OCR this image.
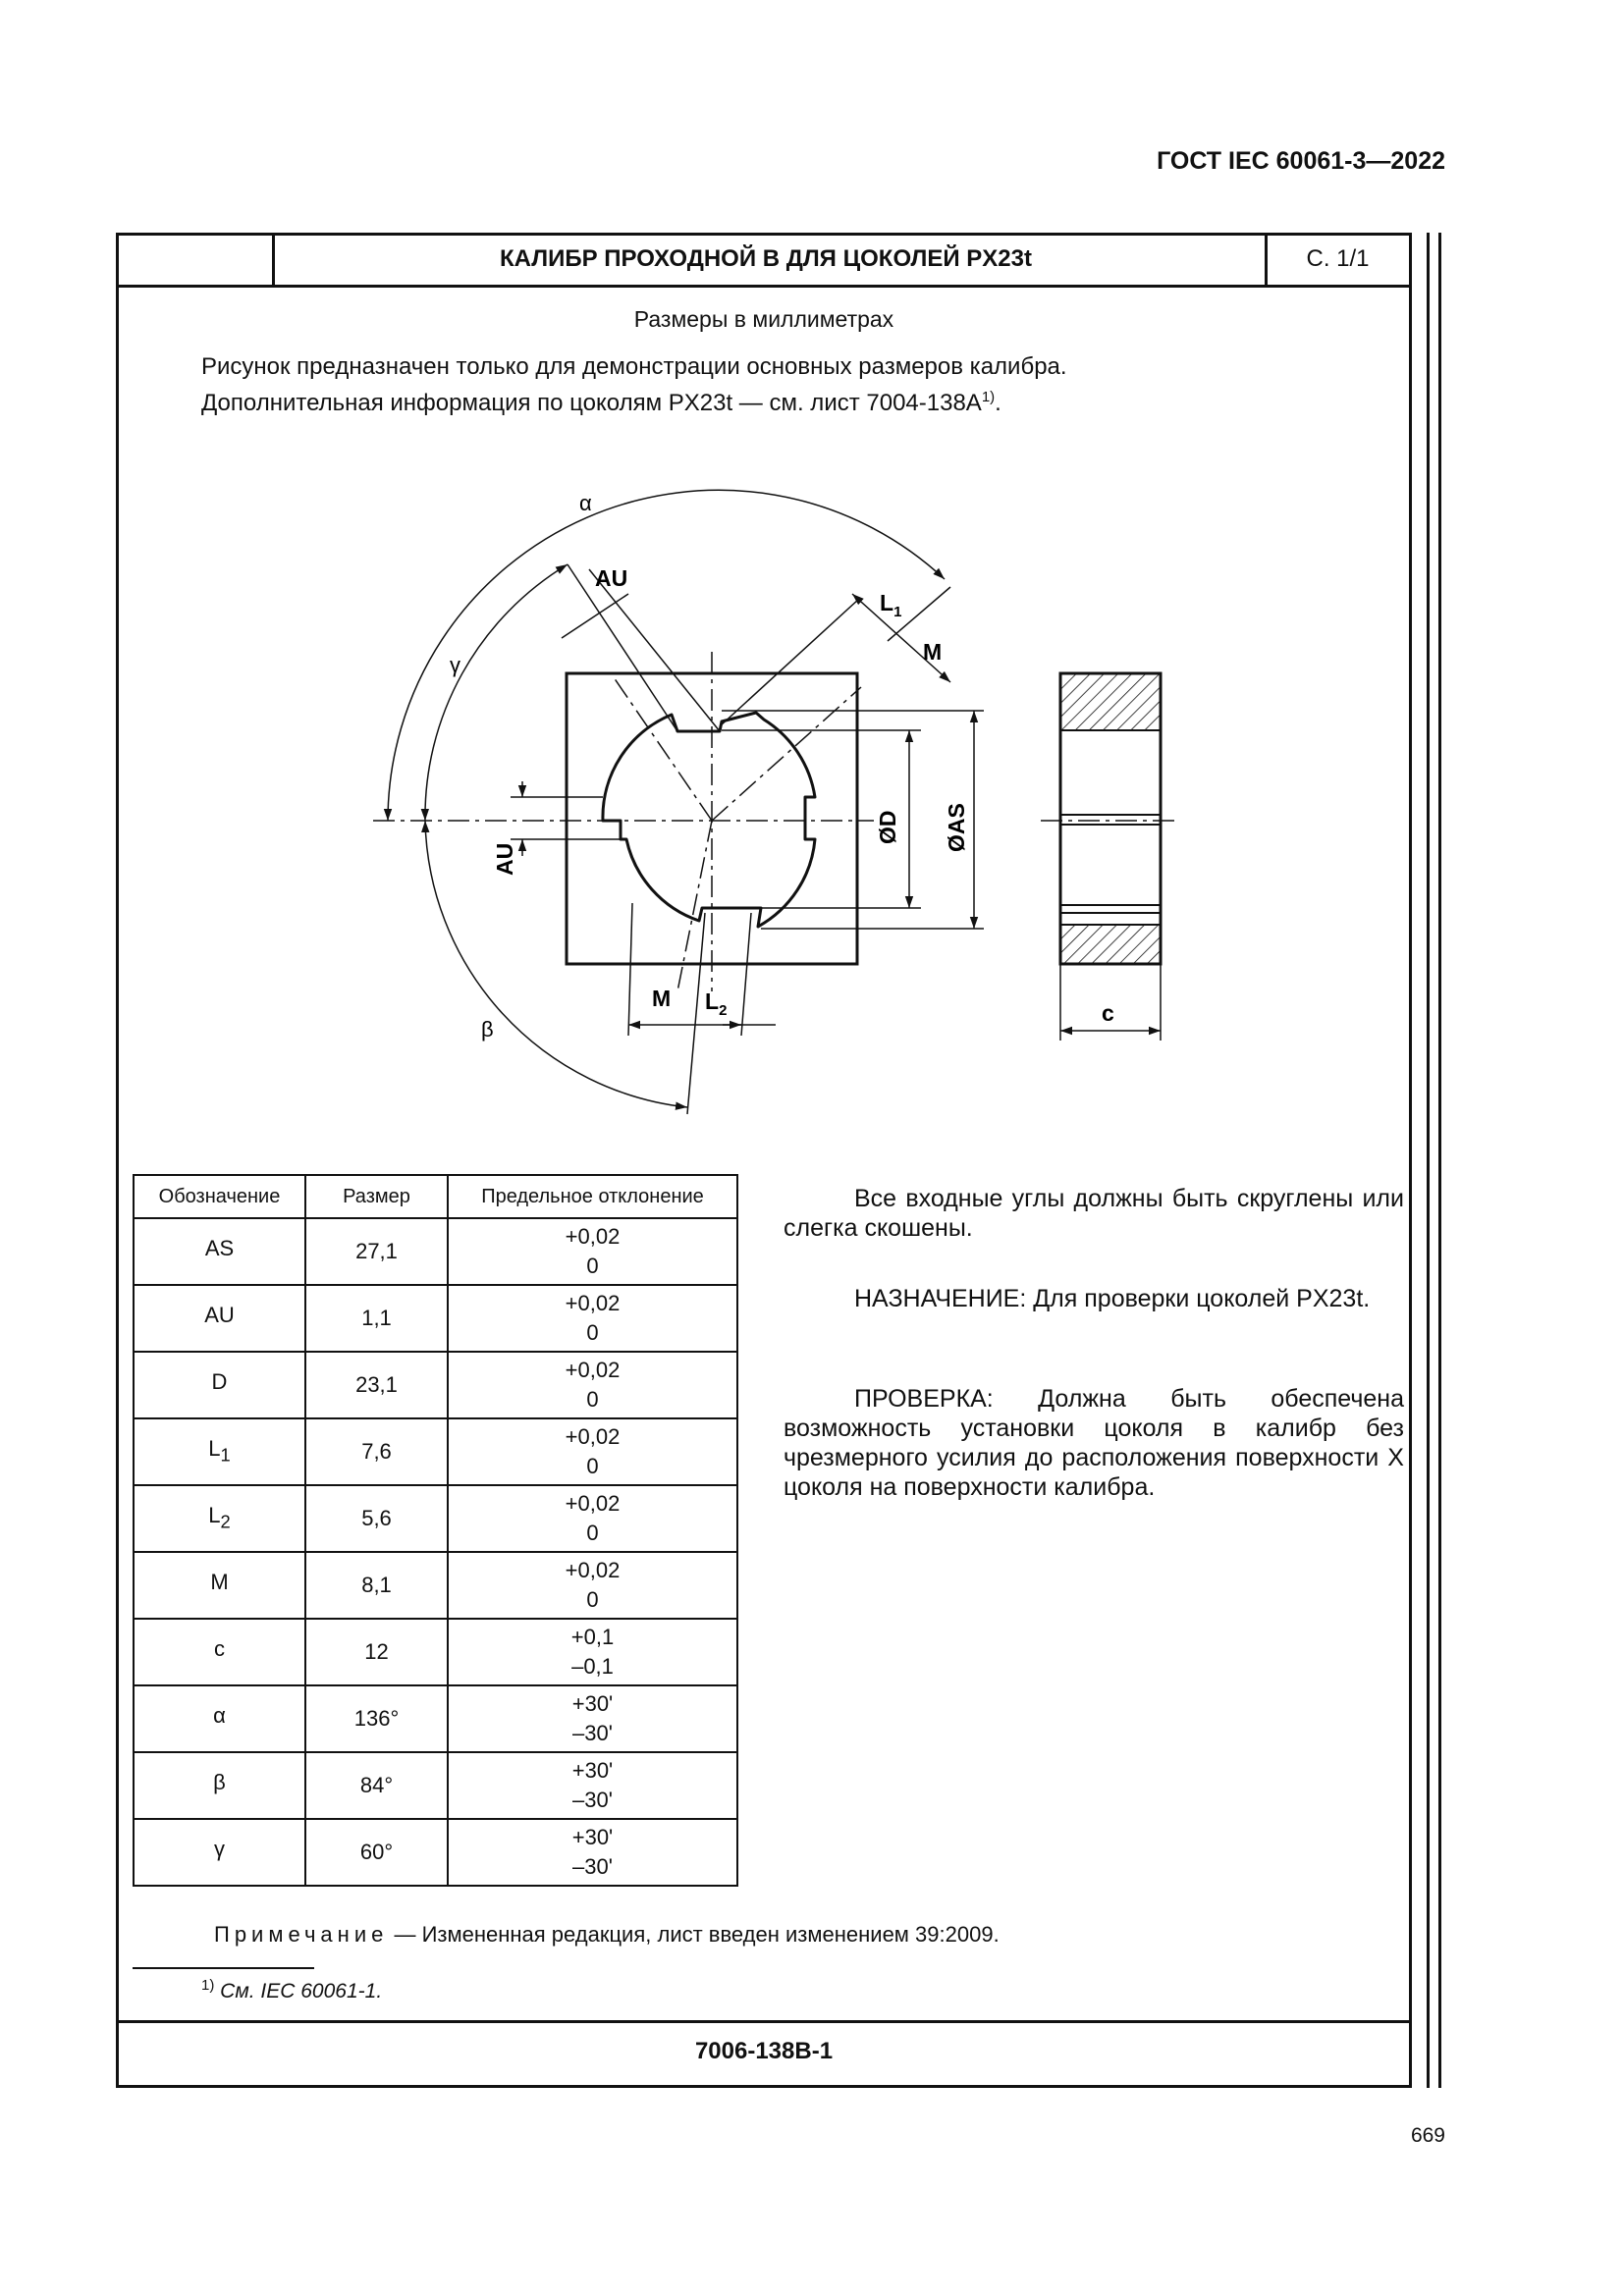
ГОСТ IEC 60061-3—2022
КАЛИБР ПРОХОДНОЙ B ДЛЯ ЦОКОЛЕЙ PX23t	С. 1/1
Размеры в миллиметрах
Рисунок предназначен только для демонстрации основных размеров калибра.
Дополнительная информация по цоколям PX23t — см. лист $7004-138A^{1)}$.
α
γ
β
AU
AU
$L_1$
M
M $L_2$
ØD ØAS
c
Обозначение	Размер	Предельное отклонение
AS	27,1	+0,02
0

AU	1,1	+0,02
0

D	23,1	+0,02
0

$L_1$	7,6	+0,02
0

$L_2$	5,6	+0,02
0

M	8,1	+0,02
0

c	12	+0,1
–0,1

α	136°	+30'
–30'

β	84°	+30'
–30'

γ	60°	+30'
–30'

Все входные углы должны быть скруглены или слегка скошены.

НАЗНАЧЕНИЕ: Для проверки цоколей PX23t.

ПРОВЕРКА: Должна быть обеспечена возможность установки цоколя в калибр без чрезмерного усилия до расположения поверхности X цоколя на поверхности калибра.

Примечание — Измененная редакция, лист введен изменением 39:2009.
$^{1)}$ См. IEC 60061-1.
7006-138B-1
669
